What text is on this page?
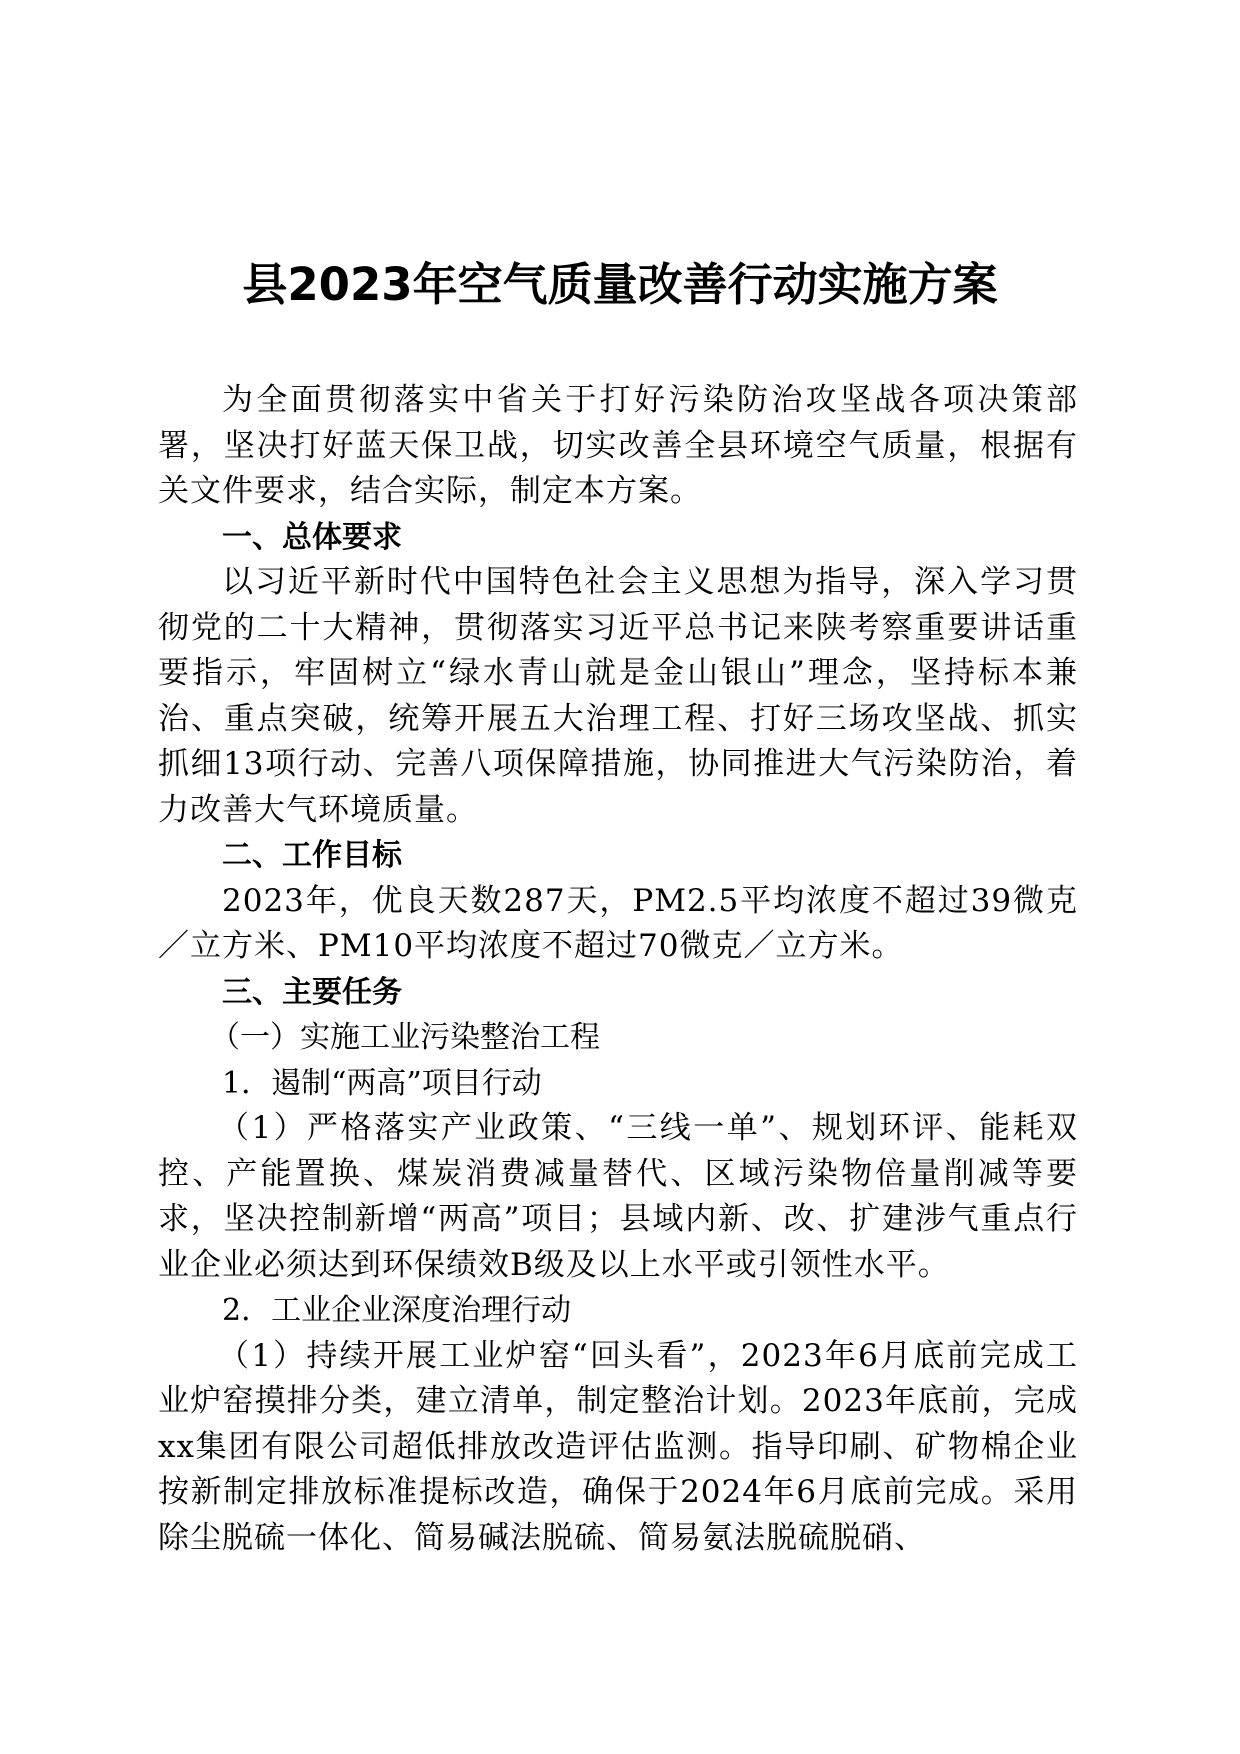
县2023年空气质量改善行动实施方案

为全面贯彻落实中省关于打好污染防治攻坚战各项决策部署，坚决打好蓝天保卫战，切实改善全县环境空气质量，根据有关文件要求，结合实际，制定本方案。

一、总体要求

以习近平新时代中国特色社会主义思想为指导，深入学习贯彻党的二十大精神，贯彻落实习近平总书记来陕考察重要讲话重要指示，牢固树立“绿水青山就是金山银山”理念，坚持标本兼治、重点突破，统筹开展五大治理工程、打好三场攻坚战、抓实抓细13项行动、完善八项保障措施，协同推进大气污染防治，着力改善大气环境质量。

二、工作目标

2023年，优良天数287天，PM2.5平均浓度不超过39微克／立方米、PM10平均浓度不超过70微克／立方米。

三、主要任务

（一）实施工业污染整治工程

1．遏制“两高”项目行动

（1）严格落实产业政策、“三线一单”、规划环评、能耗双控、产能置换、煤炭消费减量替代、区域污染物倍量削减等要求，坚决控制新增“两高”项目；县域内新、改、扩建涉气重点行业企业必须达到环保绩效B级及以上水平或引领性水平。

2．工业企业深度治理行动

（1）持续开展工业炉窑“回头看”，2023年6月底前完成工业炉窑摸排分类，建立清单，制定整治计划。2023年底前，完成xx集团有限公司超低排放改造评估监测。指导印刷、矿物棉企业按新制定排放标准提标改造，确保于2024年6月底前完成。采用除尘脱硫一体化、简易碱法脱硫、简易氨法脱硫脱硝、
